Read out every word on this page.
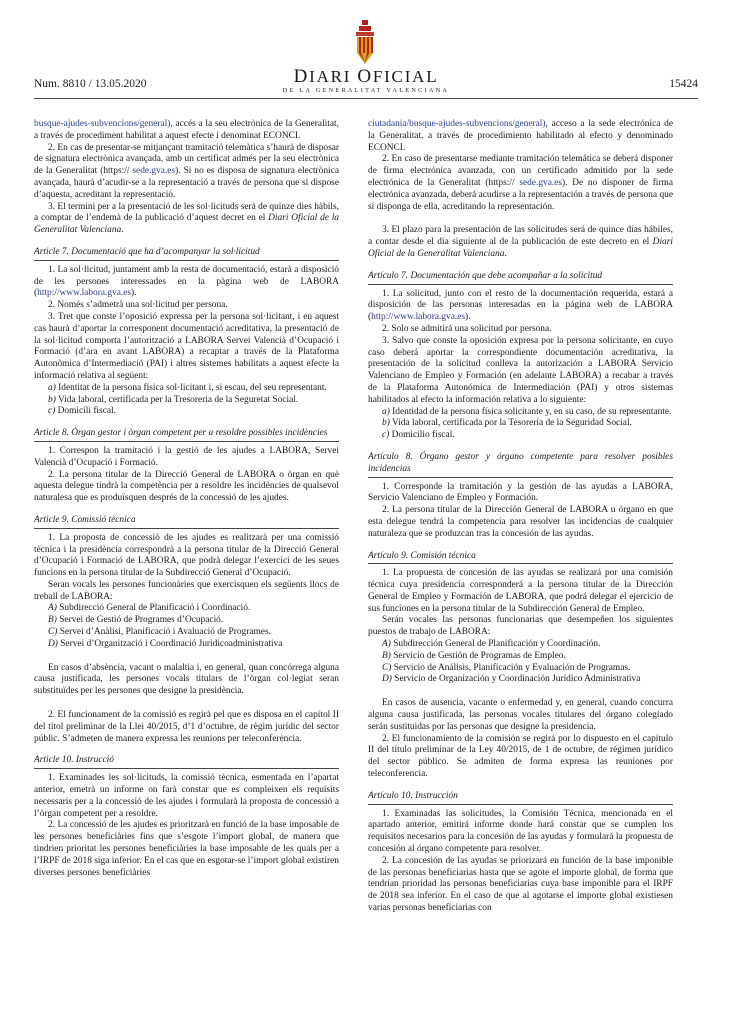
Num. 8810 / 13.05.2020	DIARI OFICIAL
DE LA GENERALITAT VALENCIANA
15424

busque-ajudes-subvencions/general), accés a la seu electrònica de la Generalitat, a través de procediment habilitat a aquest efecte i denominat ECONCI.

2. En cas de presentar-se mitjançant tramitació telemàtica s’haurà de disposar de signatura electrònica avançada, amb un certificat admés per la seu electrònica de la Generalitat (https:// sede.gva.es). Si no es disposa de signatura electrònica avançada, haurà d’acudir-se a la representació a través de persona que sí dispose d’aquesta, acreditant la representació.

3. El termini per a la presentació de les sol·licituds serà de quinze dies hàbils, a comptar de l’endemà de la publicació d’aquest decret en el Diari Oficial de la Generalitat Valenciana.

Article 7. Documentació que ha d’acompanyar la sol·licitud

1. La sol·licitud, juntament amb la resta de documentació, estarà a disposició de les persones interessades en la pàgina web de LABORA (http://www.labora.gva.es).

2. Només s’admetrà una sol·licitud per persona.

3. Tret que conste l’oposició expressa per la persona sol·licitant, i en aquest cas haurà d’aportar la corresponent documentació acreditativa, la presentació de la sol·licitud comporta l’autorització a LABORA Servei Valencià d’Ocupació i Formació (d’ara en avant LABORA) a recaptar a través de la Plataforma Autonòmica d’Intermediació (PAI) i altres sistemes habilitats a aquest efecte la informació relativa al següent:

a) Identitat de la persona física sol·licitant i, si escau, del seu representant.

b) Vida laboral, certificada per la Tresoreria de la Seguretat Social.

c) Domicili fiscal.

Article 8. Òrgan gestor i òrgan competent per a resoldre possibles incidències

1. Correspon la tramitació i la gestió de les ajudes a LABORA, Servei Valencià d’Ocupació i Formació.

2. La persona titular de la Direcció General de LABORA o òrgan en què aquesta delegue tindrà la competència per a resoldre les incidències de qualsevol naturalesa que es produïsquen després de la concessió de les ajudes.

Article 9. Comissió tècnica

1. La proposta de concessió de les ajudes es realitzarà per una comissió tècnica i la presidència correspondrà a la persona titular de la Direcció General d’Ocupació i Formació de LABORA, que podrà delegar l’exercici de les seues funcions en la persona titular de la Subdirecció General d’Ocupació.

Seran vocals les persones funcionàries que exercisquen els següents llocs de treball de LABORA:

A) Subdirecció General de Planificació i Coordinació.

B) Servei de Gestió de Programes d’Ocupació.

C) Servei d’Anàlisi, Planificació i Avaluació de Programes.

D) Servei d’Organització i Coordinació Juridicoadministrativa

En casos d’absència, vacant o malaltia i, en general, quan concórrega alguna causa justificada, les persones vocals titulars de l’òrgan col·legiat seran substituïdes per les persones que designe la presidència.

2. El funcionament de la comissió es regirà pel que es disposa en el capítol II del títol preliminar de la Llei 40/2015, d’1 d’octubre, de règim jurídic del sector públic. S’admeten de manera expressa les reunions per teleconferència.

Article 10. Instrucció

1. Examinades les sol·licituds, la comissió tècnica, esmentada en l’apartat anterior, emetrà un informe on farà constar que es compleixen els requisits necessaris per a la concessió de les ajudes i formularà la proposta de concessió a l’òrgan competent per a resoldre.

2. La concessió de les ajudes es prioritzarà en funció de la base imposable de les persones beneficiàries fins que s’esgote l’import global, de manera que tindrien prioritat les persones beneficiàries la base imposable de les quals per a l’IRPF de 2018 siga inferior. En el cas que en esgotar-se l’import global existiren diverses persones beneficiàries

ciutadania/busque-ajudes-subvencions/general), acceso a la sede electrónica de la Generalitat, a través de procedimiento habilitado al efecto y denominado ECONCI.

2. En caso de presentarse mediante tramitación telemática se deberá disponer de firma electrónica avanzada, con un certificado admitido por la sede electrónica de la Generalitat (https:// sede.gva.es). De no disponer de firma electrónica avanzada, deberá acudirse a la representación a través de persona que sí disponga de ella, acreditando la representación.

3. El plazo para la presentación de las solicitudes será de quince días hábiles, a contar desde el día siguiente al de la publicación de este decreto en el Diari Oficial de la Generalitat Valenciana.

Artículo 7. Documentación que debe acompañar a la solicitud

1. La solicitud, junto con el resto de la documentación requerida, estará a disposición de las personas interesadas en la página web de LABORA (http://www.labora.gva.es).

2. Solo se admitirá una solicitud por persona.

3. Salvo que conste la oposición expresa por la persona solicitante, en cuyo caso deberá aportar la correspondiente documentación acreditativa, la presentación de la solicitud conlleva la autorización a LABORA Servicio Valenciano de Empleo y Formación (en adelante LABORA) a recabar a través de la Plataforma Autonómica de Intermediación (PAI) y otros sistemas habilitados al efecto la información relativa a lo siguiente:

a) Identidad de la persona física solicitante y, en su caso, de su representante.

b) Vida laboral, certificada por la Tesorería de la Seguridad Social.

c) Domicilio fiscal.

Artículo 8. Órgano gestor y órgano competente para resolver posibles incidencias

1. Corresponde la tramitación y la gestión de las ayudas a LABORA, Servicio Valenciano de Empleo y Formación.

2. La persona titular de la Dirección General de LABORA u órgano en que esta delegue tendrá la competencia para resolver las incidencias de cualquier naturaleza que se produzcan tras la concesión de las ayudas.

Artículo 9. Comisión técnica

1. La propuesta de concesión de las ayudas se realizará por una comisión técnica cuya presidencia corresponderá a la persona titular de la Dirección General de Empleo y Formación de LABORA, que podrá delegar el ejercicio de sus funciones en la persona titular de la Subdirección General de Empleo.

Serán vocales las personas funcionarias que desempeñen los siguientes puestos de trabajo de LABORA:

A) Subdirección General de Planificación y Coordinación.

B) Servicio de Gestión de Programas de Empleo.

C) Servicio de Análisis, Planificación y Evaluación de Programas.

D) Servicio de Organización y Coordinación Jurídico Administrativa

En casos de ausencia, vacante o enfermedad y, en general, cuando concurra alguna causa justificada, las personas vocales titulares del órgano colegiado serán sustituidas por las personas que designe la presidencia.

2. El funcionamiento de la comisión se regirá por lo dispuesto en el capítulo II del título preliminar de la Ley 40/2015, de 1 de octubre, de régimen jurídico del sector público. Se admiten de forma expresa las reuniones por teleconferencia.

Artículo 10. Instrucción

1. Examinadas las solicitudes, la Comisión Técnica, mencionada en el apartado anterior, emitirá informe donde hará constar que se cumplen los requisitos necesarios para la concesión de las ayudas y formulará la propuesta de concesión al órgano competente para resolver.

2. La concesión de las ayudas se priorizará en función de la base imponible de las personas beneficiarias hasta que se agote el importe global, de forma que tendrían prioridad las personas beneficiarias cuya base imponible para el IRPF de 2018 sea inferior. En el caso de que al agotarse el importe global existiesen varias personas beneficiarias con
